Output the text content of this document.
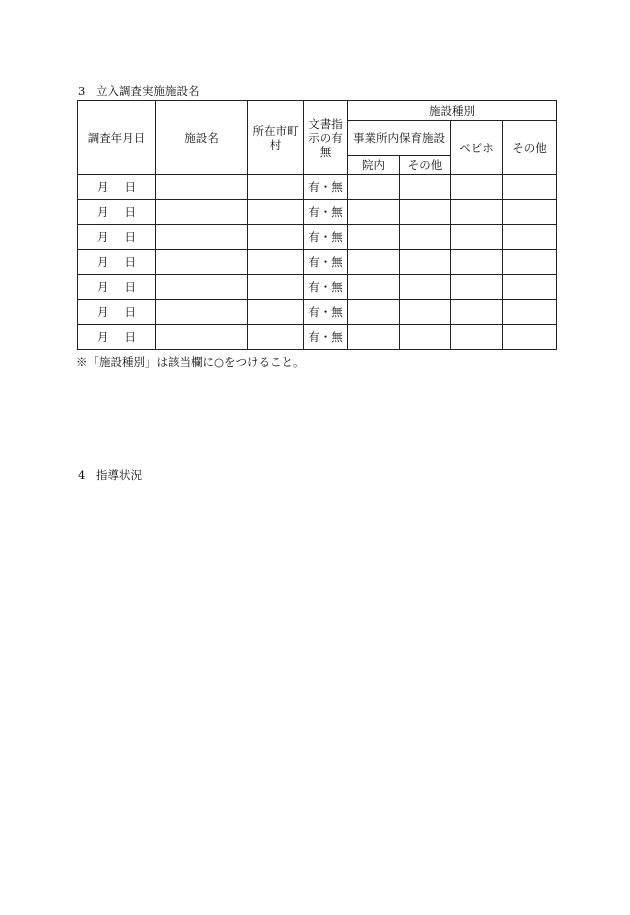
3 立入調査実施施設名
調査年月日	施設名	所在市町村	文書指示の有無	施設種別			
				事業所内保育施設		ベビホ	その他
				院内	その他		
月 日			有・無				
月 日			有・無				
月 日			有・無				
月 日			有・無				
月 日			有・無				
月 日			有・無				
月 日			有・無				
※「施設種別」は該当欄に○をつけること。
4 指導状況
